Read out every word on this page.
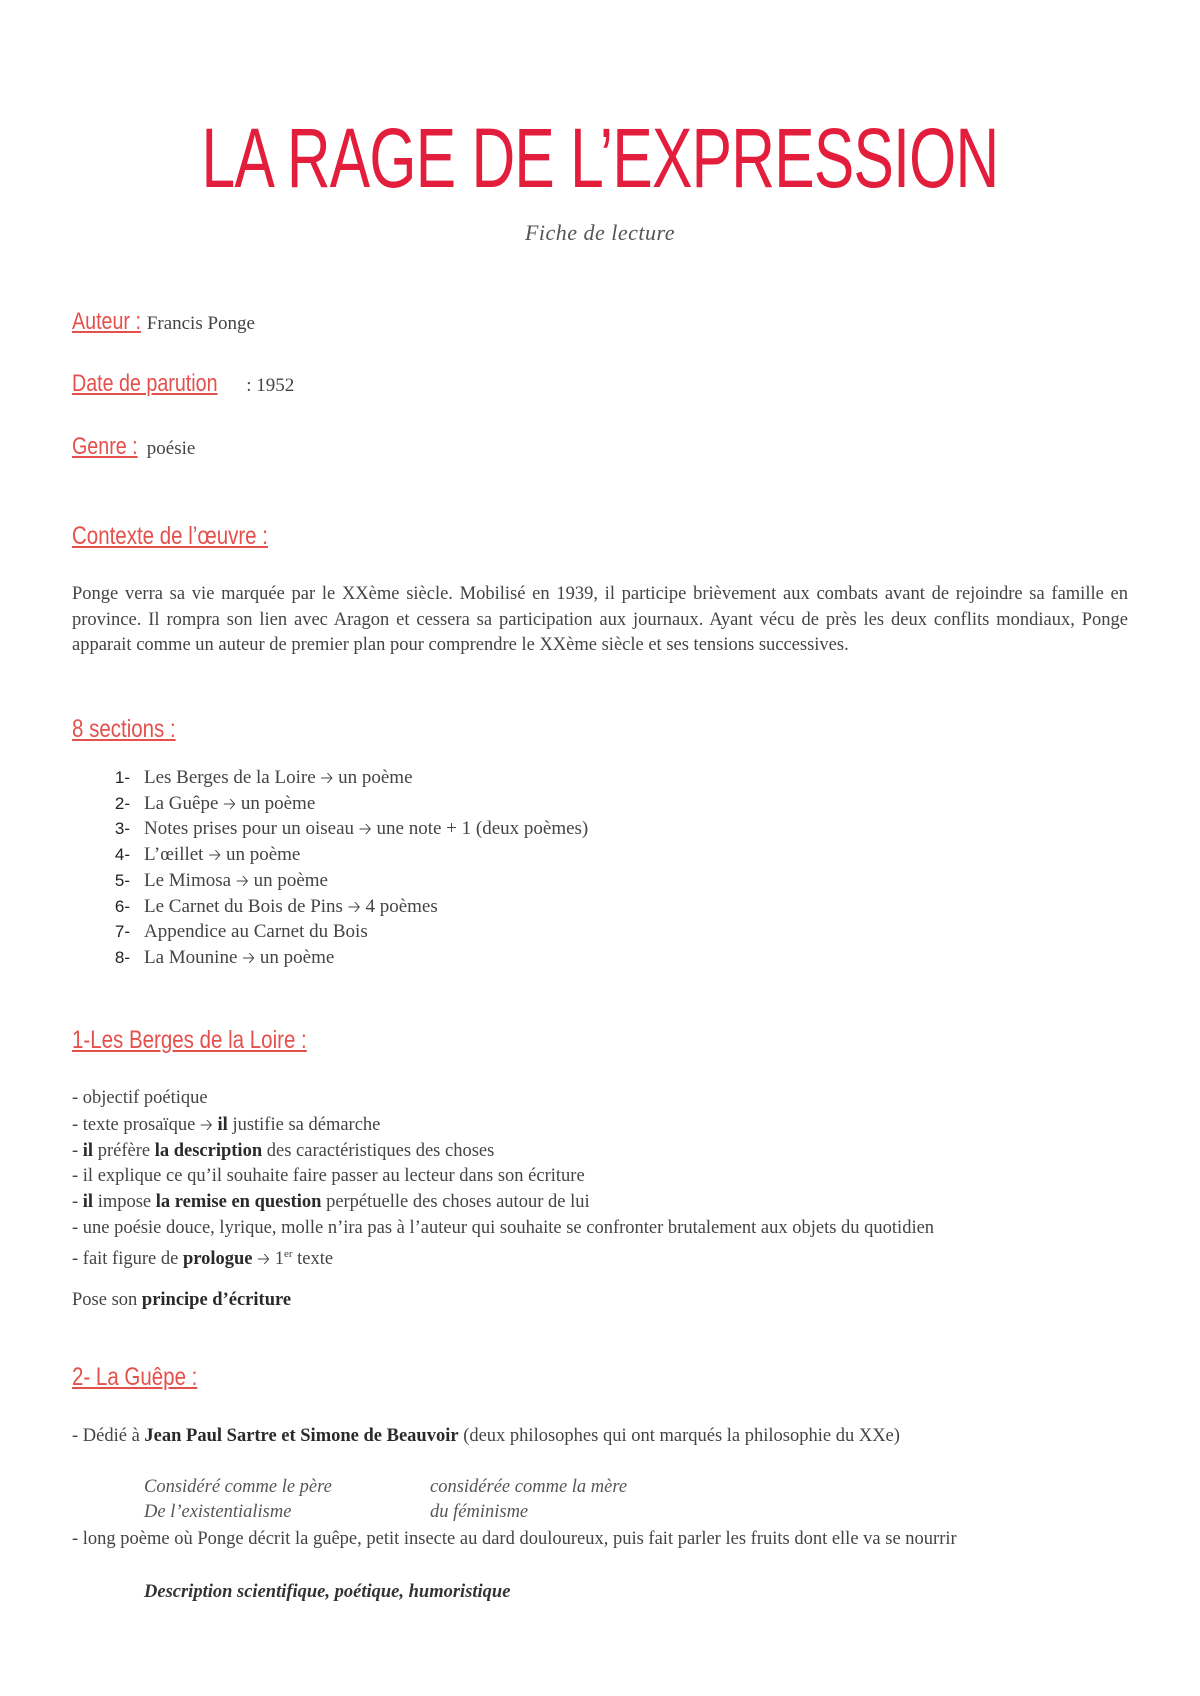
LA RAGE DE L’EXPRESSION
Fiche de lecture
Auteur : Francis Ponge
Date de parution : 1952
Genre : poésie
Contexte de l’œuvre :
Ponge verra sa vie marquée par le XXème siècle. Mobilisé en 1939, il participe brièvement aux combats avant de rejoindre sa famille en province. Il rompra son lien avec Aragon et cessera sa participation aux journaux. Ayant vécu de près les deux conflits mondiaux, Ponge apparait comme un auteur de premier plan pour comprendre le XXème siècle et ses tensions successives.
8 sections :
1- Les Berges de la Loire 🡢 un poème
2- La Guêpe 🡢 un poème
3- Notes prises pour un oiseau 🡢 une note + 1 (deux poèmes)
4- L’œillet 🡢 un poème
5- Le Mimosa 🡢 un poème
6- Le Carnet du Bois de Pins 🡢 4 poèmes
7- Appendice au Carnet du Bois
8- La Mounine 🡢 un poème
1-Les Berges de la Loire :
- objectif poétique
- texte prosaïque 🡢 il justifie sa démarche
- il préfère la description des caractéristiques des choses
- il explique ce qu’il souhaite faire passer au lecteur dans son écriture
- il impose la remise en question perpétuelle des choses autour de lui
- une poésie douce, lyrique, molle n’ira pas à l’auteur qui souhaite se confronter brutalement aux objets du quotidien
- fait figure de prologue 🡢 1er texte
Pose son principe d’écriture
2- La Guêpe :
- Dédié à Jean Paul Sartre et Simone de Beauvoir (deux philosophes qui ont marqués la philosophie du XXe)
Considéré comme le père	considérée comme la mère
De l’existentialisme	du féminisme
- long poème où Ponge décrit la guêpe, petit insecte au dard douloureux, puis fait parler les fruits dont elle va se nourrir
Description scientifique, poétique, humoristique
